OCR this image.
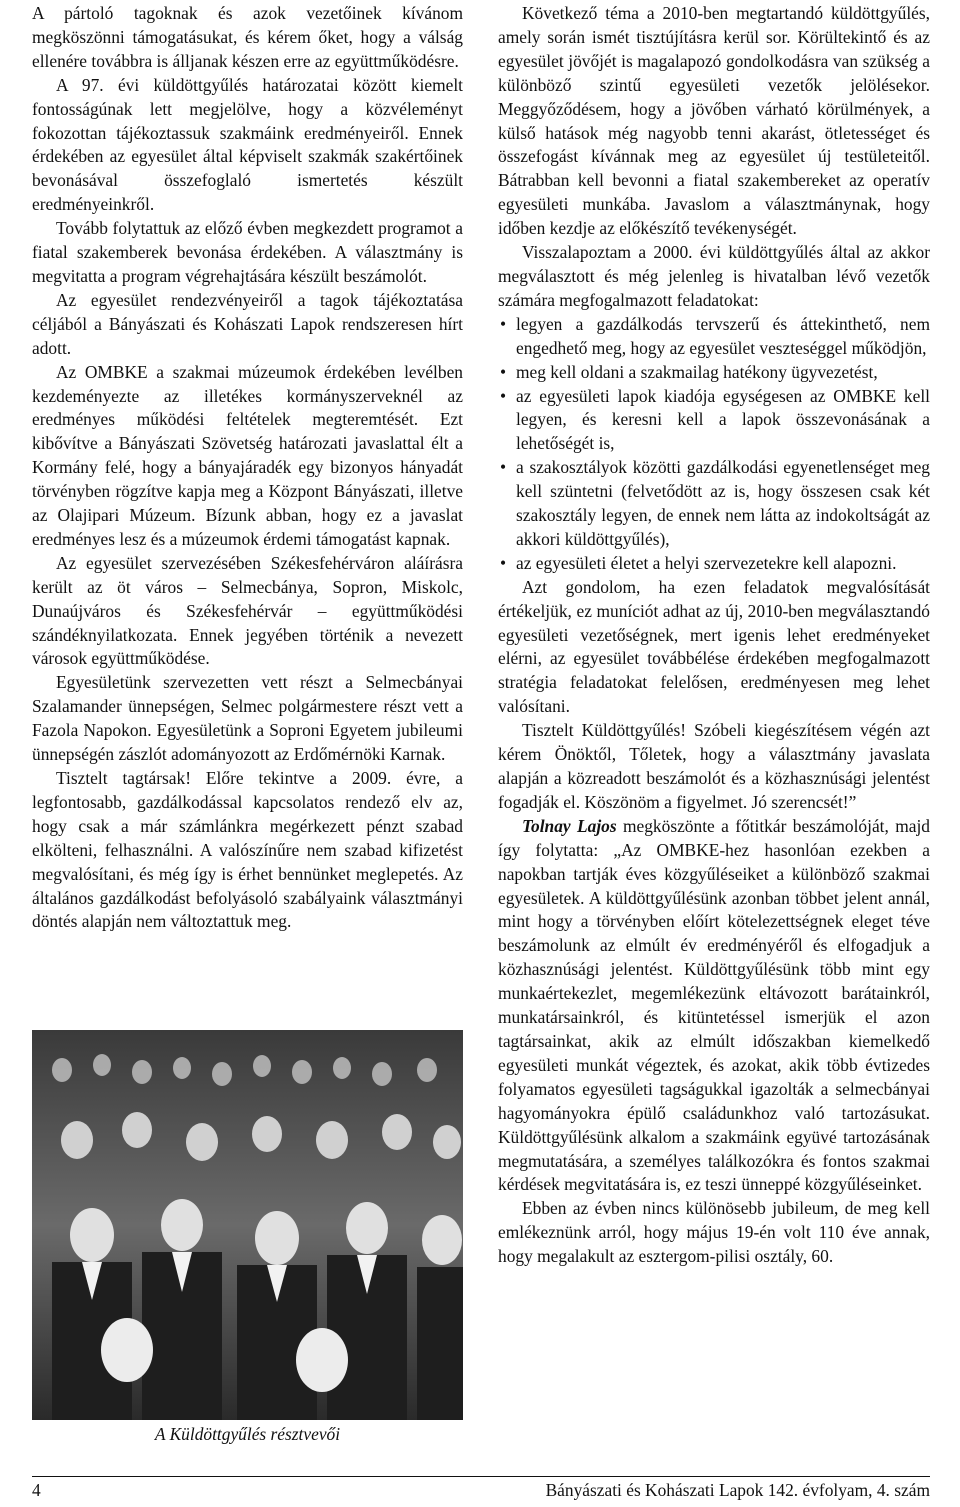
A pártoló tagoknak és azok vezetőinek kívánom megköszönni támogatásukat, és kérem őket, hogy a válság ellenére továbbra is álljanak készen erre az együttműködésre.

A 97. évi küldöttgyűlés határozatai között kiemelt fontosságúnak lett megjelölve, hogy a közvéleményt fokozottan tájékoztassuk szakmáink eredményeiről. Ennek érdekében az egyesület által képviselt szakmák szakértőinek bevonásával összefoglaló ismertetés készült eredményeinkről.

Tovább folytattuk az előző évben megkezdett programot a fiatal szakemberek bevonása érdekében. A választmány is megvitatta a program végrehajtására készült beszámolót.

Az egyesület rendezvényeiről a tagok tájékoztatása céljából a Bányászati és Kohászati Lapok rendszeresen hírt adott.

Az OMBKE a szakmai múzeumok érdekében levélben kezdeményezte az illetékes kormányszerveknél az eredményes működési feltételek megteremtését. Ezt kibővítve a Bányászati Szövetség határozati javaslattal élt a Kormány felé, hogy a bányajáradék egy bizonyos hányadát törvényben rögzítve kapja meg a Központ Bányászati, illetve az Olajipari Múzeum. Bízunk abban, hogy ez a javaslat eredményes lesz és a múzeumok érdemi támogatást kapnak.

Az egyesület szervezésében Székesfehérváron aláírásra került az öt város – Selmecbánya, Sopron, Miskolc, Dunaújváros és Székesfehérvár – együttműködési szándéknyilatkozata. Ennek jegyében történik a nevezett városok együttműködése.

Egyesületünk szervezetten vett részt a Selmecbányai Szalamander ünnepségen, Selmec polgármestere részt vett a Fazola Napokon. Egyesületünk a Soproni Egyetem jubileumi ünnepségén zászlót adományozott az Erdőmérnöki Karnak.

Tisztelt tagtársak! Előre tekintve a 2009. évre, a legfontosabb, gazdálkodással kapcsolatos rendező elv az, hogy csak a már számlánkra megérkezett pénzt szabad elkölteni, felhasználni. A valószínűre nem szabad kifizetést megvalósítani, és még így is érhet bennünket meglepetés. Az általános gazdálkodást befolyásoló szabályaink választmányi döntés alapján nem változtattuk meg.

A Küldöttgyűlés résztvevői

Következő téma a 2010-ben megtartandó küldöttgyűlés, amely során ismét tisztújításra kerül sor. Körültekintő és az egyesület jövőjét is magalapozó gondolkodásra van szükség a különböző szintű egyesületi vezetők jelölésekor. Meggyőződésem, hogy a jövőben várható körülmények, a külső hatások még nagyobb tenni akarást, ötletességet és összefogást kívánnak meg az egyesület új testületeitől. Bátrabban kell bevonni a fiatal szakembereket az operatív egyesületi munkába. Javaslom a választmánynak, hogy időben kezdje az előkészítő tevékenységét.

Visszalapoztam a 2000. évi küldöttgyűlés által az akkor megválasztott és még jelenleg is hivatalban lévő vezetők számára megfogalmazott feladatokat:

• legyen a gazdálkodás tervszerű és áttekinthető, nem engedhető meg, hogy az egyesület veszteséggel működjön,
• meg kell oldani a szakmailag hatékony ügyvezetést,
• az egyesületi lapok kiadója egységesen az OMBKE kell legyen, és keresni kell a lapok összevonásának a lehetőségét is,
• a szakosztályok közötti gazdálkodási egyenetlenséget meg kell szüntetni (felvetődött az is, hogy összesen csak két szakosztály legyen, de ennek nem látta az indokoltságát az akkori küldöttgyűlés),
• az egyesületi életet a helyi szervezetekre kell alapozni.

Azt gondolom, ha ezen feladatok megvalósítását értékeljük, ez muníciót adhat az új, 2010-ben megválasztandó egyesületi vezetőségnek, mert igenis lehet eredményeket elérni, az egyesület továbbélése érdekében megfogalmazott stratégia feladatokat felelősen, eredményesen meg lehet valósítani.

Tisztelt Küldöttgyűlés! Szóbeli kiegészítésem végén azt kérem Önöktől, Tőletek, hogy a választmány javaslata alapján a közreadott beszámolót és a közhasznúsági jelentést fogadják el. Köszönöm a figyelmet. Jó szerencsét!”

Tolnay Lajos megköszönte a főtitkár beszámolóját, majd így folytatta: „Az OMBKE-hez hasonlóan ezekben a napokban tartják éves közgyűléseiket a különböző szakmai egyesületek. A küldöttgyűlésünk azonban többet jelent annál, mint hogy a törvényben előírt kötelezettségnek eleget téve beszámolunk az elmúlt év eredményéről és elfogadjuk a közhasznúsági jelentést. Küldöttgyűlésünk több mint egy munkaértekezlet, megemlékezünk eltávozott barátainkról, munkatársainkról, és kitüntetéssel ismerjük el azon tagtársainkat, akik az elmúlt időszakban kiemelkedő egyesületi munkát végeztek, és azokat, akik több évtizedes folyamatos egyesületi tagságukkal igazolták a selmecbányai hagyományokra épülő családunkhoz való tartozásukat. Küldöttgyűlésünk alkalom a szakmáink együvé tartozásának megmutatására, a személyes találkozókra és fontos szakmai kérdések megvitatására is, ez teszi ünneppé közgyűléseinket.

Ebben az évben nincs különösebb jubileum, de meg kell emlékeznünk arról, hogy május 19-én volt 110 éve annak, hogy megalakult az esztergom-pilisi osztály, 60.

4	Bányászati és Kohászati Lapok 142. évfolyam, 4. szám
